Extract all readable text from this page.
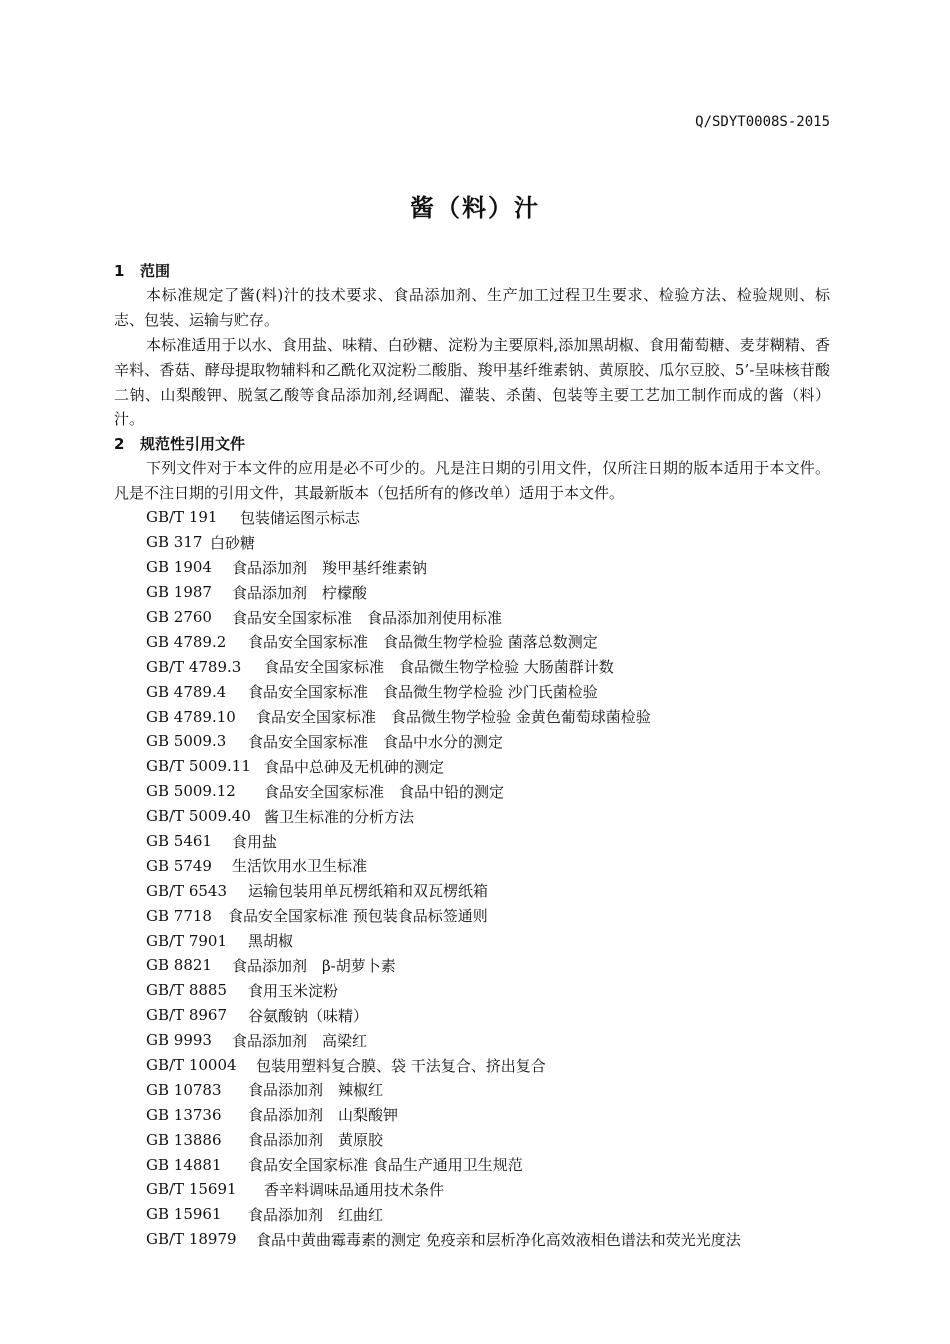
Q/SDYT0008S-2015
酱（料）汁
1 范围
本标准规定了酱(料)汁的技术要求、食品添加剂、生产加工过程卫生要求、检验方法、检验规则、标志、包装、运输与贮存。
本标准适用于以水、食用盐、味精、白砂糖、淀粉为主要原料,添加黑胡椒、食用葡萄糖、麦芽糊精、香辛料、香菇、酵母提取物辅料和乙酰化双淀粉二酸脂、羧甲基纤维素钠、黄原胶、瓜尔豆胶、5’-呈味核苷酸二钠、山梨酸钾、脱氢乙酸等食品添加剂,经调配、灌装、杀菌、包装等主要工艺加工制作而成的酱（料）汁。
2 规范性引用文件
下列文件对于本文件的应用是必不可少的。凡是注日期的引用文件，仅所注日期的版本适用于本文件。凡是不注日期的引用文件，其最新版本（包括所有的修改单）适用于本文件。
GB/T 191	包装储运图示标志
GB 317 白砂糖
GB 1904	食品添加剂　羧甲基纤维素钠
GB 1987	食品添加剂　柠檬酸
GB 2760	食品安全国家标准　食品添加剂使用标准
GB 4789.2	食品安全国家标准　食品微生物学检验 菌落总数测定
GB/T 4789.3	食品安全国家标准　食品微生物学检验 大肠菌群计数
GB 4789.4	食品安全国家标准　食品微生物学检验 沙门氏菌检验
GB 4789.10	食品安全国家标准　食品微生物学检验 金黄色葡萄球菌检验
GB 5009.3	食品安全国家标准　食品中水分的测定
GB/T 5009.11 食品中总砷及无机砷的测定
GB 5009.12	食品安全国家标准　食品中铅的测定
GB/T 5009.40 酱卫生标准的分析方法
GB 5461	食用盐
GB 5749	生活饮用水卫生标准
GB/T 6543	运输包装用单瓦楞纸箱和双瓦楞纸箱
GB 7718	食品安全国家标准 预包装食品标签通则
GB/T 7901	黑胡椒
GB 8821	食品添加剂　β-胡萝卜素
GB/T 8885	食用玉米淀粉
GB/T 8967	谷氨酸钠（味精）
GB 9993	食品添加剂　高梁红
GB/T 10004	包装用塑料复合膜、袋 干法复合、挤出复合
GB 10783	食品添加剂　辣椒红
GB 13736	食品添加剂　山梨酸钾
GB 13886	食品添加剂　黄原胶
GB 14881	食品安全国家标准 食品生产通用卫生规范
GB/T 15691	香辛料调味品通用技术条件
GB 15961	食品添加剂　红曲红
GB/T 18979	食品中黄曲霉毒素的测定 免疫亲和层析净化高效液相色谱法和荧光光度法
